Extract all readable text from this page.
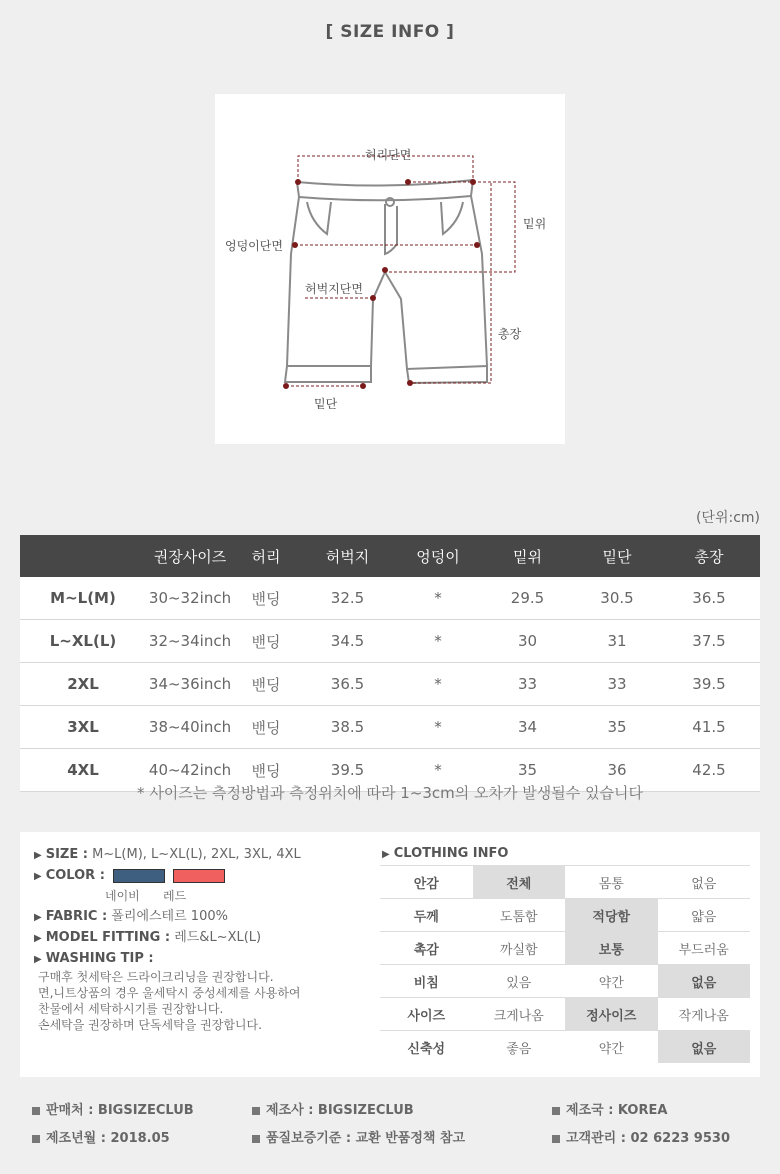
[ SIZE INFO ]
허리단면
밑위
엉덩이단면
허벅지단면
총장
밑단
(단위:cm)
	권장사이즈	허리	허벅지	엉덩이	밑위	밑단	총장
M~L(M)	30~32inch	밴딩	32.5	*	29.5	30.5	36.5
L~XL(L)	32~34inch	밴딩	34.5	*	30	31	37.5
2XL	34~36inch	밴딩	36.5	*	33	33	39.5
3XL	38~40inch	밴딩	38.5	*	34	35	41.5
4XL	40~42inch	밴딩	39.5	*	35	36	42.5
* 사이즈는 측정방법과 측정위치에 따라 1~3cm의 오차가 발생될수 있습니다
▶ SIZE : M~L(M), L~XL(L), 2XL, 3XL, 4XL
▶ COLOR :
네이비 레드
▶ FABRIC : 폴리에스테르 100%
▶ MODEL FITTING : 레드&L~XL(L)
▶ WASHING TIP :
구매후 첫세탁은 드라이크리닝을 권장합니다.
면,니트상품의 경우 울세탁시 중성세제를 사용하여
찬물에서 세탁하시기를 권장합니다.
손세탁을 권장하며 단독세탁을 권장합니다.
▶ CLOTHING INFO
안감	전체	몸통	없음
두께	도톰함	적당함	얇음
촉감	까실함	보통	부드러움
비침	있음	약간	없음
사이즈	크게나옴	정사이즈	작게나옴
신축성	좋음	약간	없음
판매처 : BIGSIZECLUB	제조사 : BIGSIZECLUB	제조국 : KOREA
제조년월 : 2018.05	품질보증기준 : 교환 반품정책 참고	고객관리 : 02 6223 9530
